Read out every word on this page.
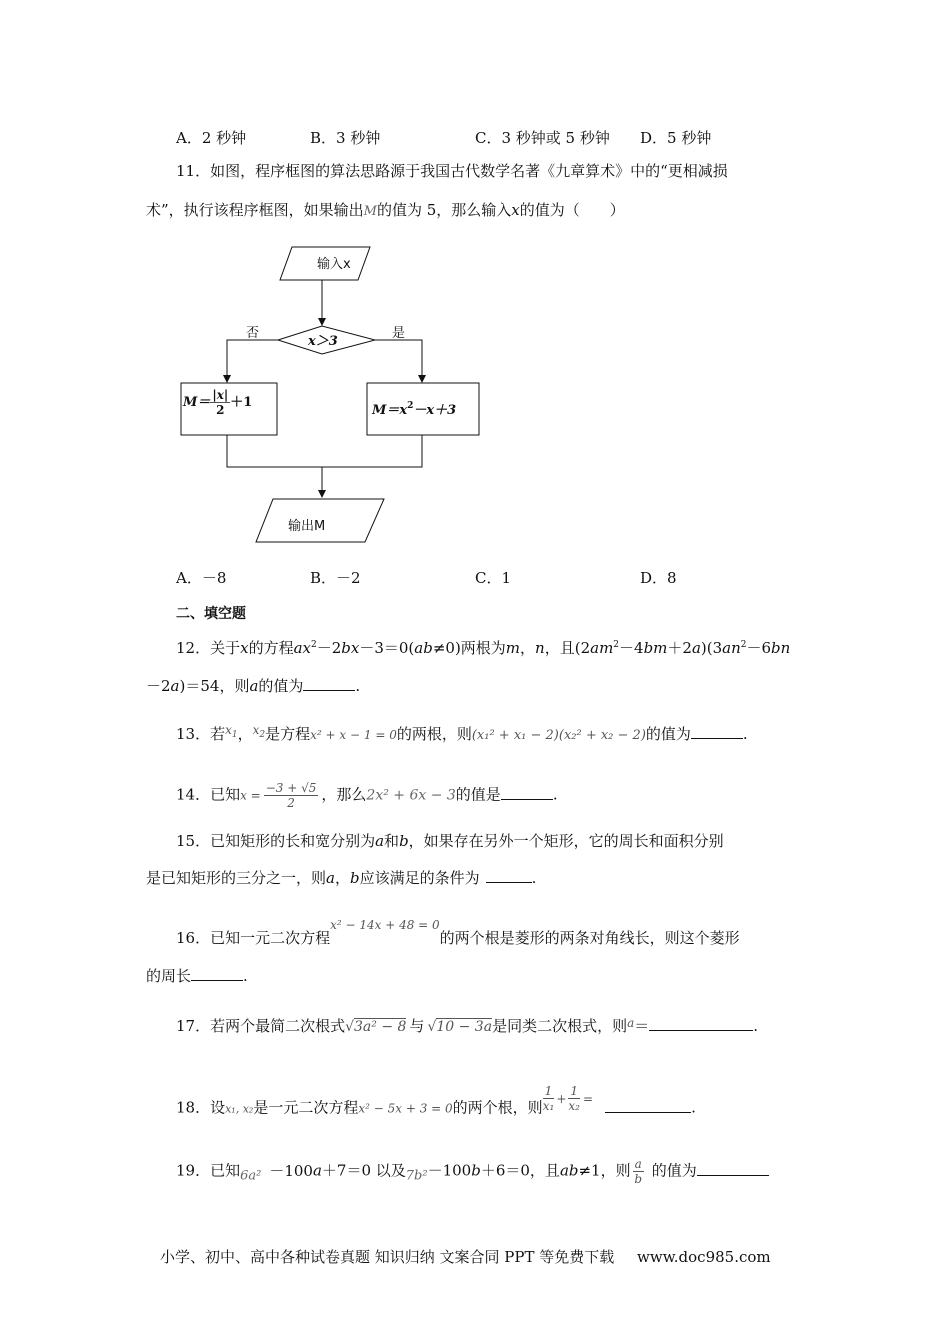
A．2 秒钟	B．3 秒钟	C．3 秒钟或 5 秒钟 D．5 秒钟
11．如图，程序框图的算法思路源于我国古代数学名著《九章算术》中的“更相减损
术”，执行该程序框图，如果输出M的值为 5，那么输入x的值为（　　）
输入x
x＞3
否	是
$M= \frac{|x|}{2} +1$
$M=x^2-x+3$
输出M
A．－8	B．－2	C．1	D．8
二、填空题
12．关于x的方程$ax^2-2bx-3=0(ab\ne 0)$两根为m，n，且$(2am^2-4bm+2a)(3an^2-6bn$
－2a)＝54，则a的值为	.
13．若$^{x_1}$，$^{x_2}$是方程x² + x − 1 = 0的两根，则(x₁² + x₁ − 2)(x₂² + x₂ − 2)的值为	.
14．已知$x = \frac{-3 + √5}{2}$ ，那么2x² + 6x − 3的值是	.
15．已知矩形的长和宽分别为a和b，如果存在另外一个矩形，它的周长和面积分别
是已知矩形的三分之一，则a，b应该满足的条件为	.
16．已知一元二次方程$^{x^2 - 14x + 48 = 0}$的两个根是菱形的两条对角线长，则这个菱形
的周长	.
17．若两个最简二次根式√3a² − 8 与 √10 − 3a是同类二次根式，则$^a$＝	.
18．设x₁, x₂是一元二次方程x² − 5x + 3 = 0的两个根，则 $\frac{1}{\text{x₁}} + \frac{1}{\text{x₂}}$ =	.
19．已知6a² －100a＋7＝0 以及7b²－100b＋6＝0，且ab≠1，则 $\frac{a}{b}$ 的值为
小学、初中、高中各种试卷真题 知识归纳 文案合同 PPT 等免费下载 www.doc985.com
